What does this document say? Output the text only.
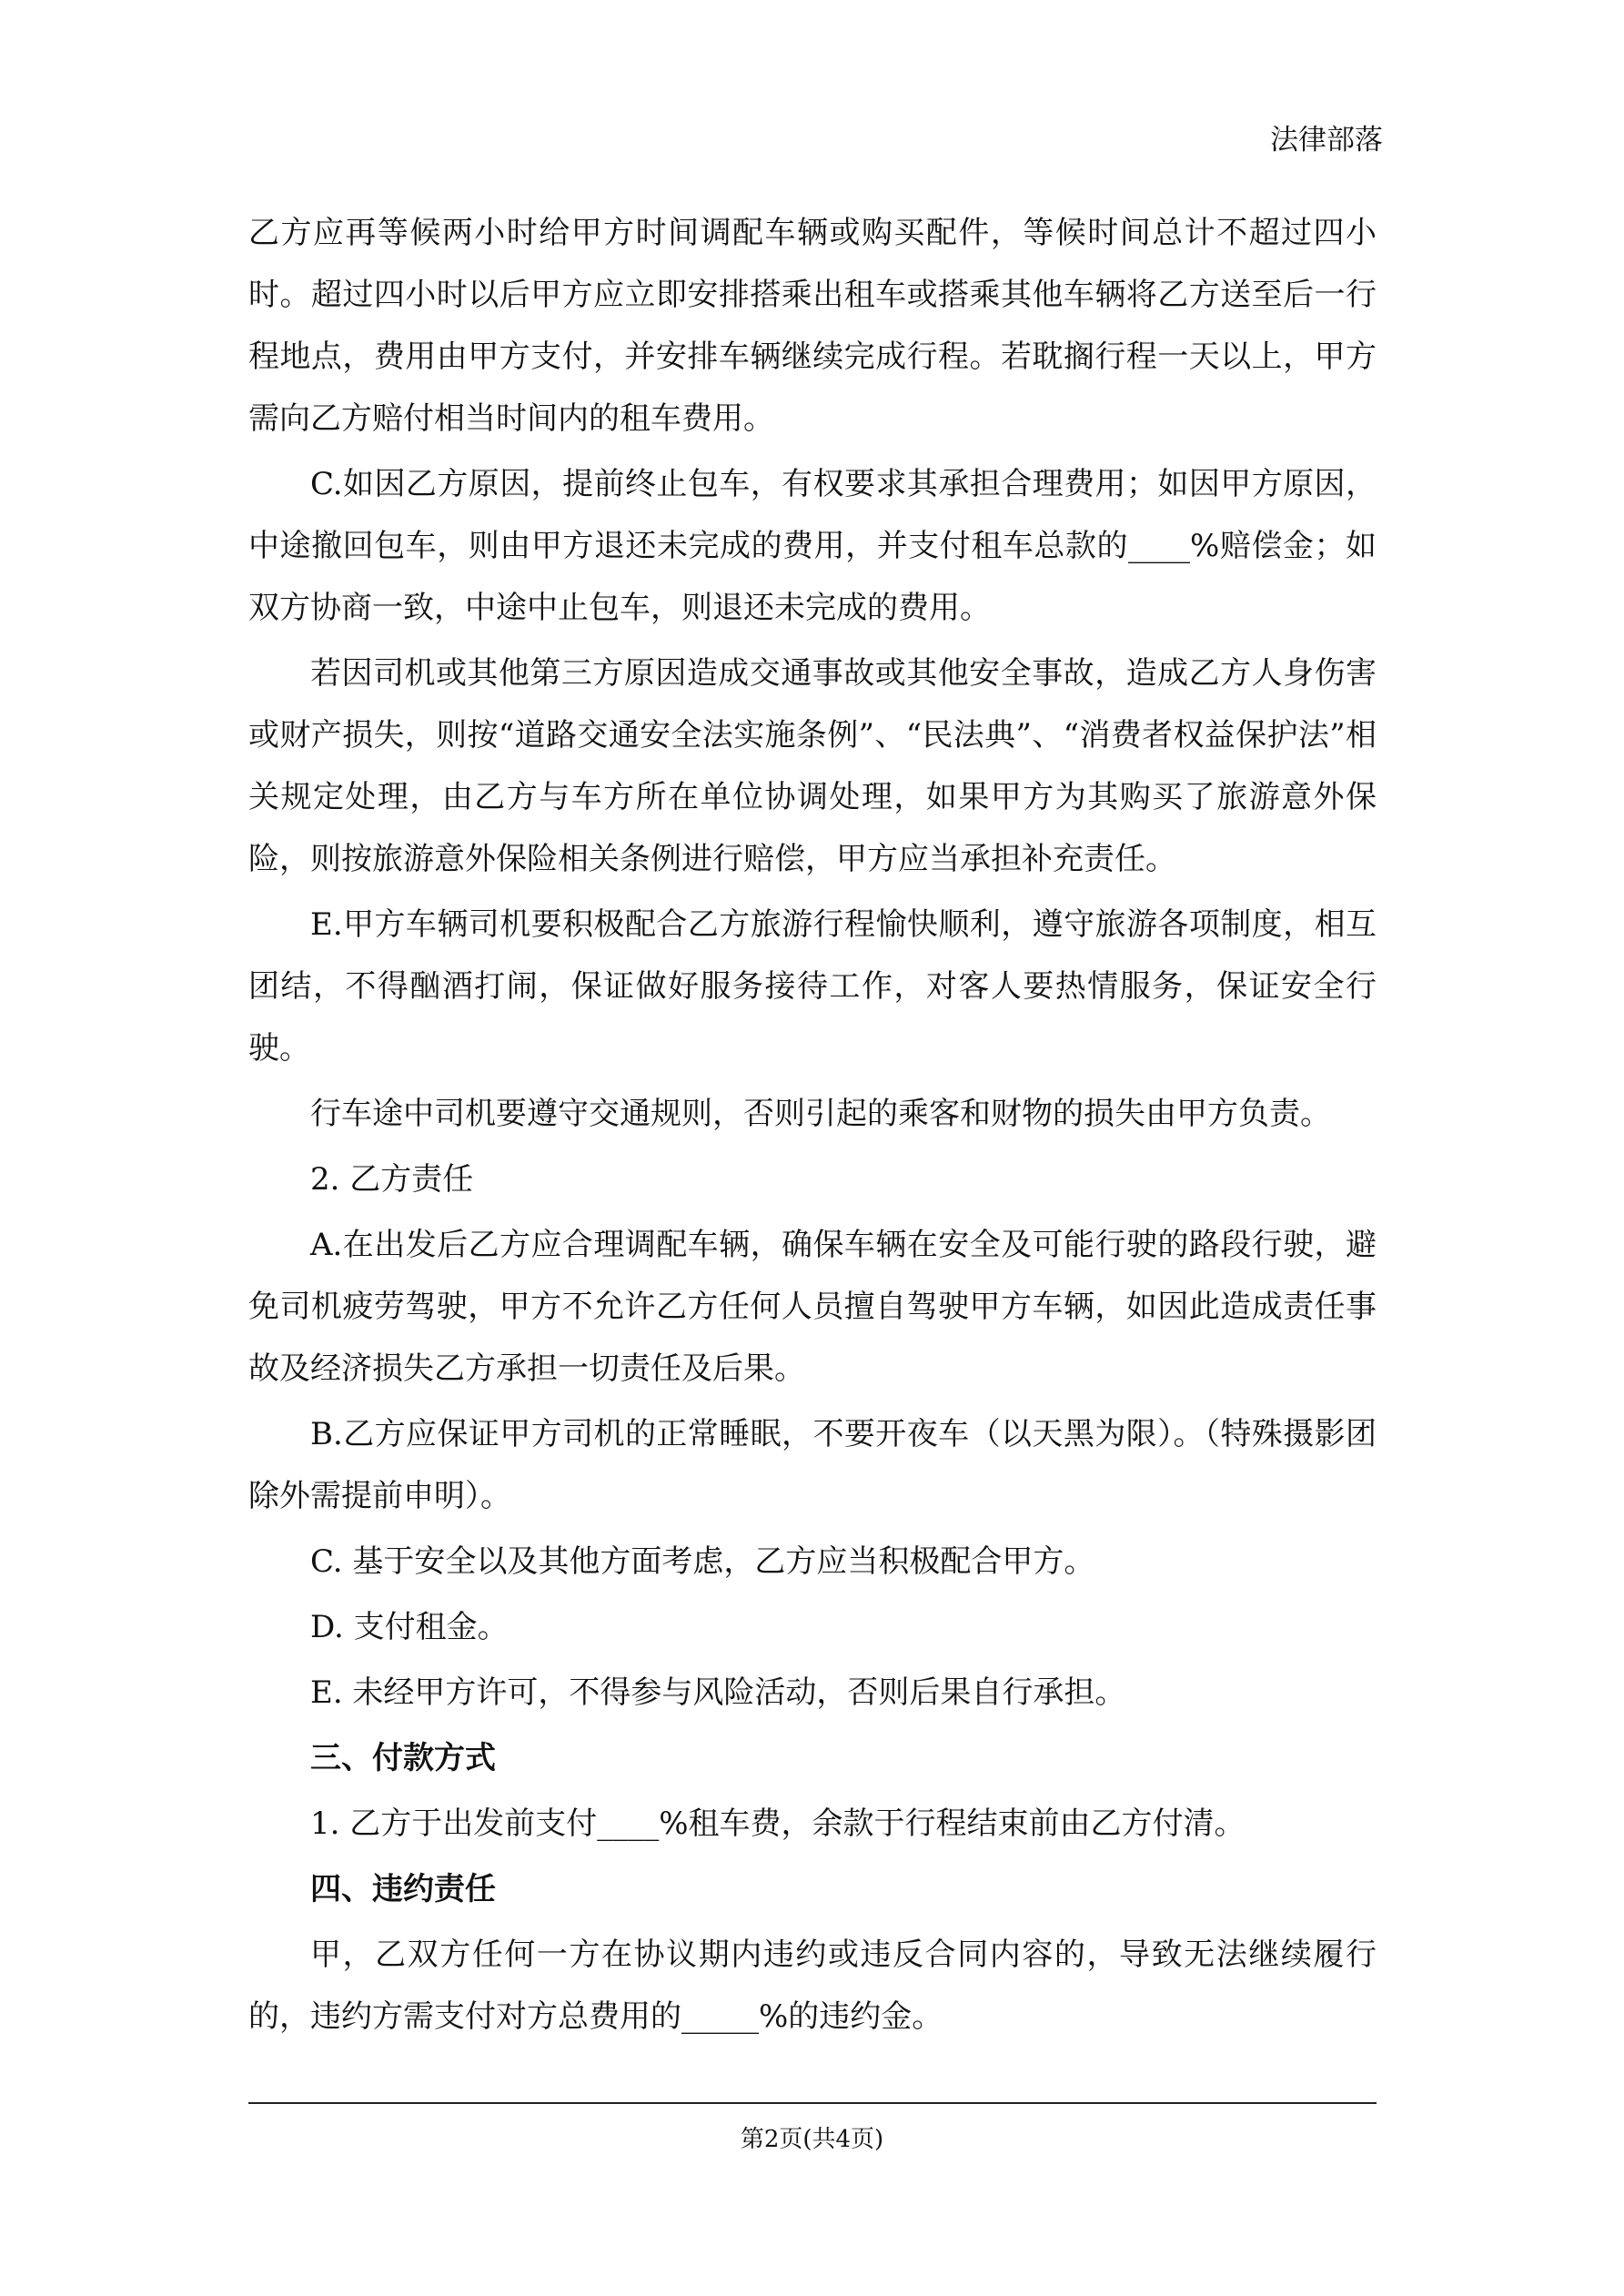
法律部落

乙方应再等候两小时给甲方时间调配车辆或购买配件，等候时间总计不超过四小时。超过四小时以后甲方应立即安排搭乘出租车或搭乘其他车辆将乙方送至后一行程地点，费用由甲方支付，并安排车辆继续完成行程。若耽搁行程一天以上，甲方需向乙方赔付相当时间内的租车费用。

C.如因乙方原因，提前终止包车，有权要求其承担合理费用；如因甲方原因，中途撤回包车，则由甲方退还未完成的费用，并支付租车总款的____%赔偿金；如双方协商一致，中途中止包车，则退还未完成的费用。

若因司机或其他第三方原因造成交通事故或其他安全事故，造成乙方人身伤害或财产损失，则按“道路交通安全法实施条例”、“民法典”、“消费者权益保护法”相关规定处理，由乙方与车方所在单位协调处理，如果甲方为其购买了旅游意外保险，则按旅游意外保险相关条例进行赔偿，甲方应当承担补充责任。

E.甲方车辆司机要积极配合乙方旅游行程愉快顺利，遵守旅游各项制度，相互团结，不得酗酒打闹，保证做好服务接待工作，对客人要热情服务，保证安全行驶。

行车途中司机要遵守交通规则，否则引起的乘客和财物的损失由甲方负责。

2. 乙方责任

A.在出发后乙方应合理调配车辆，确保车辆在安全及可能行驶的路段行驶，避免司机疲劳驾驶，甲方不允许乙方任何人员擅自驾驶甲方车辆，如因此造成责任事故及经济损失乙方承担一切责任及后果。

B.乙方应保证甲方司机的正常睡眠，不要开夜车（以天黑为限）。（特殊摄影团除外需提前申明）。

C. 基于安全以及其他方面考虑，乙方应当积极配合甲方。

D. 支付租金。

E. 未经甲方许可，不得参与风险活动，否则后果自行承担。

三、付款方式

1. 乙方于出发前支付____%租车费，余款于行程结束前由乙方付清。

四、违约责任

甲，乙双方任何一方在协议期内违约或违反合同内容的，导致无法继续履行的，违约方需支付对方总费用的_____%的违约金。

第2页(共4页)
